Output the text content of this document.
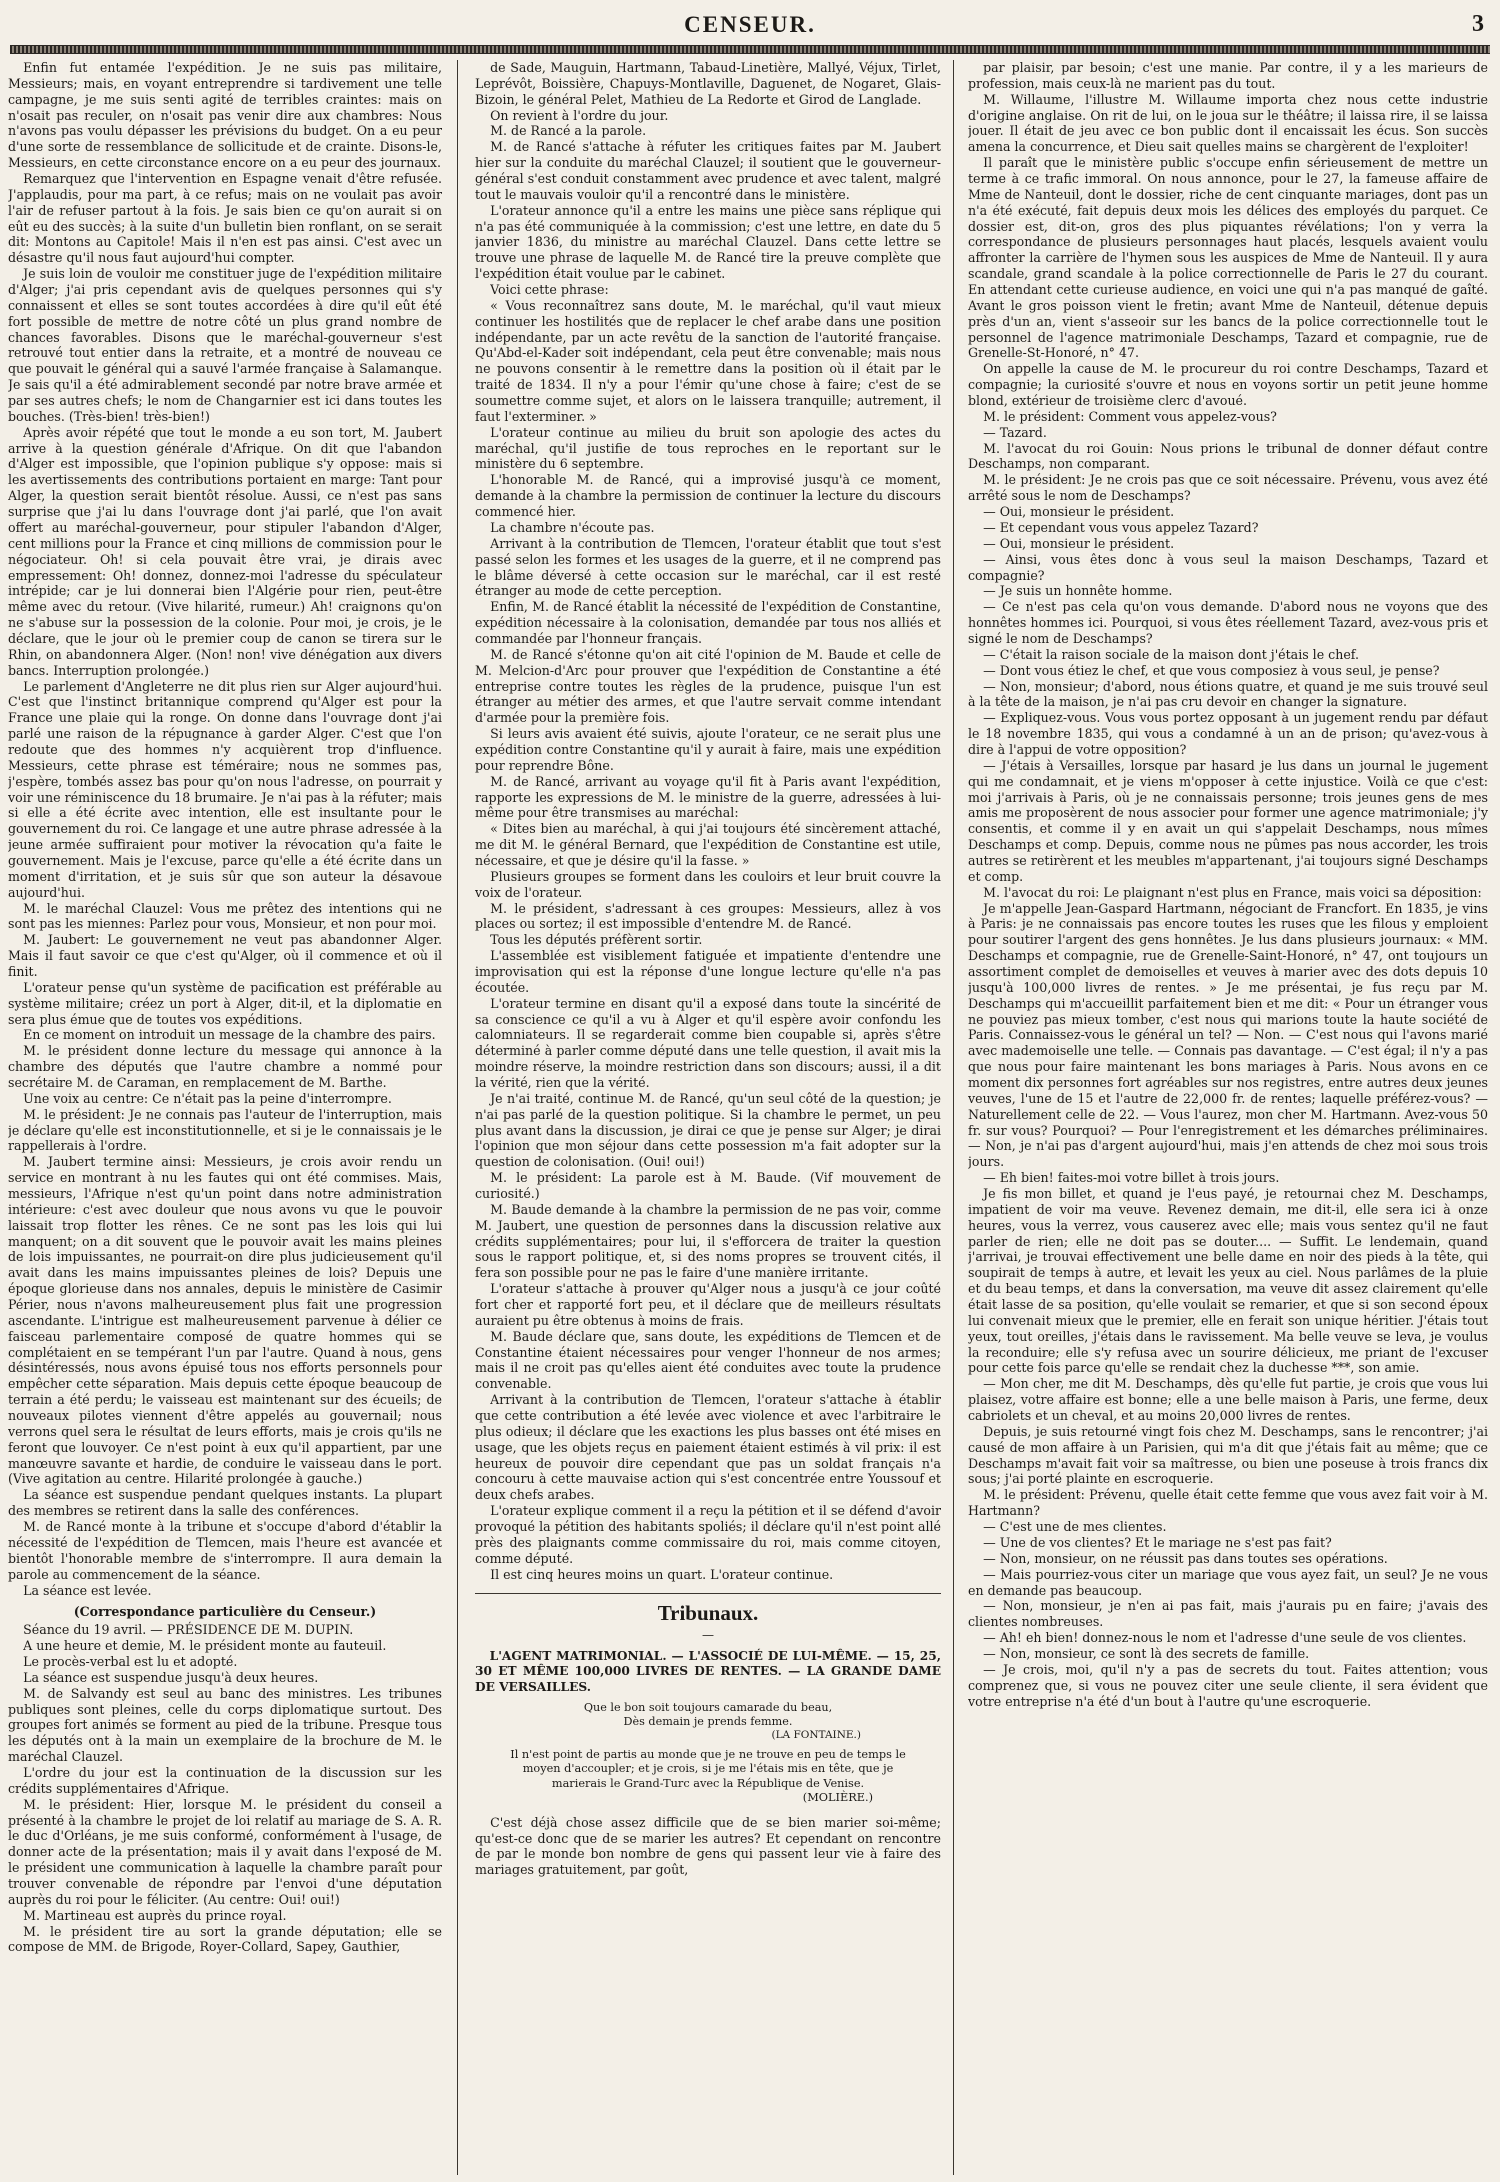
CENSEUR.	3

Enfin fut entamée l'expédition. Je ne suis pas militaire, Messieurs; mais, en voyant entreprendre si tardivement une telle campagne, je me suis senti agité de terribles craintes: mais on n'osait pas reculer, on n'osait pas venir dire aux chambres: Nous n'avons pas voulu dépasser les prévisions du budget. On a eu peur d'une sorte de ressemblance de sollicitude et de crainte. Disons-le, Messieurs, en cette circonstance encore on a eu peur des journaux.

Remarquez que l'intervention en Espagne venait d'être refusée. J'applaudis, pour ma part, à ce refus; mais on ne voulait pas avoir l'air de refuser partout à la fois. Je sais bien ce qu'on aurait si on eût eu des succès; à la suite d'un bulletin bien ronflant, on se serait dit: Montons au Capitole! Mais il n'en est pas ainsi. C'est avec un désastre qu'il nous faut aujourd'hui compter.

Je suis loin de vouloir me constituer juge de l'expédition militaire d'Alger; j'ai pris cependant avis de quelques personnes qui s'y connaissent et elles se sont toutes accordées à dire qu'il eût été fort possible de mettre de notre côté un plus grand nombre de chances favorables. Disons que le maréchal-gouverneur s'est retrouvé tout entier dans la retraite, et a montré de nouveau ce que pouvait le général qui a sauvé l'armée française à Salamanque. Je sais qu'il a été admirablement secondé par notre brave armée et par ses autres chefs; le nom de Changarnier est ici dans toutes les bouches. (Très-bien! très-bien!)

Après avoir répété que tout le monde a eu son tort, M. Jaubert arrive à la question générale d'Afrique. On dit que l'abandon d'Alger est impossible, que l'opinion publique s'y oppose: mais si les avertissements des contributions portaient en marge: Tant pour Alger, la question serait bientôt résolue. Aussi, ce n'est pas sans surprise que j'ai lu dans l'ouvrage dont j'ai parlé, que l'on avait offert au maréchal-gouverneur, pour stipuler l'abandon d'Alger, cent millions pour la France et cinq millions de commission pour le négociateur. Oh! si cela pouvait être vrai, je dirais avec empressement: Oh! donnez, donnez-moi l'adresse du spéculateur intrépide; car je lui donnerai bien l'Algérie pour rien, peut-être même avec du retour. (Vive hilarité, rumeur.) Ah! craignons qu'on ne s'abuse sur la possession de la colonie. Pour moi, je crois, je le déclare, que le jour où le premier coup de canon se tirera sur le Rhin, on abandonnera Alger. (Non! non! vive dénégation aux divers bancs. Interruption prolongée.)

Le parlement d'Angleterre ne dit plus rien sur Alger aujourd'hui. C'est que l'instinct britannique comprend qu'Alger est pour la France une plaie qui la ronge. On donne dans l'ouvrage dont j'ai parlé une raison de la répugnance à garder Alger. C'est que l'on redoute que des hommes n'y acquièrent trop d'influence. Messieurs, cette phrase est téméraire; nous ne sommes pas, j'espère, tombés assez bas pour qu'on nous l'adresse, on pourrait y voir une réminiscence du 18 brumaire. Je n'ai pas à la réfuter; mais si elle a été écrite avec intention, elle est insultante pour le gouvernement du roi. Ce langage et une autre phrase adressée à la jeune armée suffiraient pour motiver la révocation qu'a faite le gouvernement. Mais je l'excuse, parce qu'elle a été écrite dans un moment d'irritation, et je suis sûr que son auteur la désavoue aujourd'hui.

M. le maréchal Clauzel: Vous me prêtez des intentions qui ne sont pas les miennes: Parlez pour vous, Monsieur, et non pour moi.

M. Jaubert: Le gouvernement ne veut pas abandonner Alger. Mais il faut savoir ce que c'est qu'Alger, où il commence et où il finit.

L'orateur pense qu'un système de pacification est préférable au système militaire; créez un port à Alger, dit-il, et la diplomatie en sera plus émue que de toutes vos expéditions.

En ce moment on introduit un message de la chambre des pairs.

M. le président donne lecture du message qui annonce à la chambre des députés que l'autre chambre a nommé pour secrétaire M. de Caraman, en remplacement de M. Barthe.

Une voix au centre: Ce n'était pas la peine d'interrompre.

M. le président: Je ne connais pas l'auteur de l'interruption, mais je déclare qu'elle est inconstitutionnelle, et si je le connaissais je le rappellerais à l'ordre.

M. Jaubert termine ainsi: Messieurs, je crois avoir rendu un service en montrant à nu les fautes qui ont été commises. Mais, messieurs, l'Afrique n'est qu'un point dans notre administration intérieure: c'est avec douleur que nous avons vu que le pouvoir laissait trop flotter les rênes. Ce ne sont pas les lois qui lui manquent; on a dit souvent que le pouvoir avait les mains pleines de lois impuissantes, ne pourrait-on dire plus judicieusement qu'il avait dans les mains impuissantes pleines de lois? Depuis une époque glorieuse dans nos annales, depuis le ministère de Casimir Périer, nous n'avons malheureusement plus fait une progression ascendante. L'intrigue est malheureusement parvenue à délier ce faisceau parlementaire composé de quatre hommes qui se complétaient en se tempérant l'un par l'autre. Quand à nous, gens désintéressés, nous avons épuisé tous nos efforts personnels pour empêcher cette séparation. Mais depuis cette époque beaucoup de terrain a été perdu; le vaisseau est maintenant sur des écueils; de nouveaux pilotes viennent d'être appelés au gouvernail; nous verrons quel sera le résultat de leurs efforts, mais je crois qu'ils ne feront que louvoyer. Ce n'est point à eux qu'il appartient, par une manœuvre savante et hardie, de conduire le vaisseau dans le port. (Vive agitation au centre. Hilarité prolongée à gauche.)

La séance est suspendue pendant quelques instants. La plupart des membres se retirent dans la salle des conférences.

M. de Rancé monte à la tribune et s'occupe d'abord d'établir la nécessité de l'expédition de Tlemcen, mais l'heure est avancée et bientôt l'honorable membre de s'interrompre. Il aura demain la parole au commencement de la séance.

La séance est levée.

(Correspondance particulière du Censeur.)

Séance du 19 avril. — PRÉSIDENCE DE M. DUPIN.

A une heure et demie, M. le président monte au fauteuil.

Le procès-verbal est lu et adopté.

La séance est suspendue jusqu'à deux heures.

M. de Salvandy est seul au banc des ministres. Les tribunes publiques sont pleines, celle du corps diplomatique surtout. Des groupes fort animés se forment au pied de la tribune. Presque tous les députés ont à la main un exemplaire de la brochure de M. le maréchal Clauzel.

L'ordre du jour est la continuation de la discussion sur les crédits supplémentaires d'Afrique.

M. le président: Hier, lorsque M. le président du conseil a présenté à la chambre le projet de loi relatif au mariage de S. A. R. le duc d'Orléans, je me suis conformé, conformément à l'usage, de donner acte de la présentation; mais il y avait dans l'exposé de M. le président une communication à laquelle la chambre paraît pour trouver convenable de répondre par l'envoi d'une députation auprès du roi pour le féliciter. (Au centre: Oui! oui!)

M. Martineau est auprès du prince royal.

M. le président tire au sort la grande députation; elle se compose de MM. de Brigode, Royer-Collard, Sapey, Gauthier,

de Sade, Mauguin, Hartmann, Tabaud-Linetière, Mallyé, Véjux, Tirlet, Leprévôt, Boissière, Chapuys-Montlaville, Daguenet, de Nogaret, Glais-Bizoin, le général Pelet, Mathieu de La Redorte et Girod de Langlade.

On revient à l'ordre du jour.

M. de Rancé a la parole.

M. de Rancé s'attache à réfuter les critiques faites par M. Jaubert hier sur la conduite du maréchal Clauzel; il soutient que le gouverneur-général s'est conduit constamment avec prudence et avec talent, malgré tout le mauvais vouloir qu'il a rencontré dans le ministère.

L'orateur annonce qu'il a entre les mains une pièce sans réplique qui n'a pas été communiquée à la commission; c'est une lettre, en date du 5 janvier 1836, du ministre au maréchal Clauzel. Dans cette lettre se trouve une phrase de laquelle M. de Rancé tire la preuve complète que l'expédition était voulue par le cabinet.

Voici cette phrase:

« Vous reconnaîtrez sans doute, M. le maréchal, qu'il vaut mieux continuer les hostilités que de replacer le chef arabe dans une position indépendante, par un acte revêtu de la sanction de l'autorité française. Qu'Abd-el-Kader soit indépendant, cela peut être convenable; mais nous ne pouvons consentir à le remettre dans la position où il était par le traité de 1834. Il n'y a pour l'émir qu'une chose à faire; c'est de se soumettre comme sujet, et alors on le laissera tranquille; autrement, il faut l'exterminer. »

L'orateur continue au milieu du bruit son apologie des actes du maréchal, qu'il justifie de tous reproches en le reportant sur le ministère du 6 septembre.

L'honorable M. de Rancé, qui a improvisé jusqu'à ce moment, demande à la chambre la permission de continuer la lecture du discours commencé hier.

La chambre n'écoute pas.

Arrivant à la contribution de Tlemcen, l'orateur établit que tout s'est passé selon les formes et les usages de la guerre, et il ne comprend pas le blâme déversé à cette occasion sur le maréchal, car il est resté étranger au mode de cette perception.

Enfin, M. de Rancé établit la nécessité de l'expédition de Constantine, expédition nécessaire à la colonisation, demandée par tous nos alliés et commandée par l'honneur français.

M. de Rancé s'étonne qu'on ait cité l'opinion de M. Baude et celle de M. Melcion-d'Arc pour prouver que l'expédition de Constantine a été entreprise contre toutes les règles de la prudence, puisque l'un est étranger au métier des armes, et que l'autre servait comme intendant d'armée pour la première fois.

Si leurs avis avaient été suivis, ajoute l'orateur, ce ne serait plus une expédition contre Constantine qu'il y aurait à faire, mais une expédition pour reprendre Bône.

M. de Rancé, arrivant au voyage qu'il fit à Paris avant l'expédition, rapporte les expressions de M. le ministre de la guerre, adressées à lui-même pour être transmises au maréchal:

« Dites bien au maréchal, à qui j'ai toujours été sincèrement attaché, me dit M. le général Bernard, que l'expédition de Constantine est utile, nécessaire, et que je désire qu'il la fasse. »

Plusieurs groupes se forment dans les couloirs et leur bruit couvre la voix de l'orateur.

M. le président, s'adressant à ces groupes: Messieurs, allez à vos places ou sortez; il est impossible d'entendre M. de Rancé.

Tous les députés préfèrent sortir.

L'assemblée est visiblement fatiguée et impatiente d'entendre une improvisation qui est la réponse d'une longue lecture qu'elle n'a pas écoutée.

L'orateur termine en disant qu'il a exposé dans toute la sincérité de sa conscience ce qu'il a vu à Alger et qu'il espère avoir confondu les calomniateurs. Il se regarderait comme bien coupable si, après s'être déterminé à parler comme député dans une telle question, il avait mis la moindre réserve, la moindre restriction dans son discours; aussi, il a dit la vérité, rien que la vérité.

Je n'ai traité, continue M. de Rancé, qu'un seul côté de la question; je n'ai pas parlé de la question politique. Si la chambre le permet, un peu plus avant dans la discussion, je dirai ce que je pense sur Alger; je dirai l'opinion que mon séjour dans cette possession m'a fait adopter sur la question de colonisation. (Oui! oui!)

M. le président: La parole est à M. Baude. (Vif mouvement de curiosité.)

M. Baude demande à la chambre la permission de ne pas voir, comme M. Jaubert, une question de personnes dans la discussion relative aux crédits supplémentaires; pour lui, il s'efforcera de traiter la question sous le rapport politique, et, si des noms propres se trouvent cités, il fera son possible pour ne pas le faire d'une manière irritante.

L'orateur s'attache à prouver qu'Alger nous a jusqu'à ce jour coûté fort cher et rapporté fort peu, et il déclare que de meilleurs résultats auraient pu être obtenus à moins de frais.

M. Baude déclare que, sans doute, les expéditions de Tlemcen et de Constantine étaient nécessaires pour venger l'honneur de nos armes; mais il ne croit pas qu'elles aient été conduites avec toute la prudence convenable.

Arrivant à la contribution de Tlemcen, l'orateur s'attache à établir que cette contribution a été levée avec violence et avec l'arbitraire le plus odieux; il déclare que les exactions les plus basses ont été mises en usage, que les objets reçus en paiement étaient estimés à vil prix: il est heureux de pouvoir dire cependant que pas un soldat français n'a concouru à cette mauvaise action qui s'est concentrée entre Youssouf et deux chefs arabes.

L'orateur explique comment il a reçu la pétition et il se défend d'avoir provoqué la pétition des habitants spoliés; il déclare qu'il n'est point allé près des plaignants comme commissaire du roi, mais comme citoyen, comme député.

Il est cinq heures moins un quart. L'orateur continue.

Tribunaux.
—

L'AGENT MATRIMONIAL. — L'ASSOCIÉ DE LUI-MÊME. — 15, 25, 30 ET MÊME 100,000 LIVRES DE RENTES. — LA GRANDE DAME DE VERSAILLES.

Que le bon soit toujours camarade du beau,
Dès demain je prends femme.
(LA FONTAINE.)
Il n'est point de partis au monde que je ne trouve en peu de temps le moyen d'accoupler; et je crois, si je me l'étais mis en tête, que je marierais le Grand-Turc avec la République de Venise.
(MOLIÈRE.)

C'est déjà chose assez difficile que de se bien marier soi-même; qu'est-ce donc que de se marier les autres? Et cependant on rencontre de par le monde bon nombre de gens qui passent leur vie à faire des mariages gratuitement, par goût,

par plaisir, par besoin; c'est une manie. Par contre, il y a les marieurs de profession, mais ceux-là ne marient pas du tout.

M. Willaume, l'illustre M. Willaume importa chez nous cette industrie d'origine anglaise. On rit de lui, on le joua sur le théâtre; il laissa rire, il se laissa jouer. Il était de jeu avec ce bon public dont il encaissait les écus. Son succès amena la concurrence, et Dieu sait quelles mains se chargèrent de l'exploiter!

Il paraît que le ministère public s'occupe enfin sérieusement de mettre un terme à ce trafic immoral. On nous annonce, pour le 27, la fameuse affaire de Mme de Nanteuil, dont le dossier, riche de cent cinquante mariages, dont pas un n'a été exécuté, fait depuis deux mois les délices des employés du parquet. Ce dossier est, dit-on, gros des plus piquantes révélations; l'on y verra la correspondance de plusieurs personnages haut placés, lesquels avaient voulu affronter la carrière de l'hymen sous les auspices de Mme de Nanteuil. Il y aura scandale, grand scandale à la police correctionnelle de Paris le 27 du courant. En attendant cette curieuse audience, en voici une qui n'a pas manqué de gaîté. Avant le gros poisson vient le fretin; avant Mme de Nanteuil, détenue depuis près d'un an, vient s'asseoir sur les bancs de la police correctionnelle tout le personnel de l'agence matrimoniale Deschamps, Tazard et compagnie, rue de Grenelle-St-Honoré, n° 47.

On appelle la cause de M. le procureur du roi contre Deschamps, Tazard et compagnie; la curiosité s'ouvre et nous en voyons sortir un petit jeune homme blond, extérieur de troisième clerc d'avoué.

M. le président: Comment vous appelez-vous?

— Tazard.

M. l'avocat du roi Gouin: Nous prions le tribunal de donner défaut contre Deschamps, non comparant.

M. le président: Je ne crois pas que ce soit nécessaire. Prévenu, vous avez été arrêté sous le nom de Deschamps?

— Oui, monsieur le président.

— Et cependant vous vous appelez Tazard?

— Oui, monsieur le président.

— Ainsi, vous êtes donc à vous seul la maison Deschamps, Tazard et compagnie?

— Je suis un honnête homme.

— Ce n'est pas cela qu'on vous demande. D'abord nous ne voyons que des honnêtes hommes ici. Pourquoi, si vous êtes réellement Tazard, avez-vous pris et signé le nom de Deschamps?

— C'était la raison sociale de la maison dont j'étais le chef.

— Dont vous étiez le chef, et que vous composiez à vous seul, je pense?

— Non, monsieur; d'abord, nous étions quatre, et quand je me suis trouvé seul à la tête de la maison, je n'ai pas cru devoir en changer la signature.

— Expliquez-vous. Vous vous portez opposant à un jugement rendu par défaut le 18 novembre 1835, qui vous a condamné à un an de prison; qu'avez-vous à dire à l'appui de votre opposition?

— J'étais à Versailles, lorsque par hasard je lus dans un journal le jugement qui me condamnait, et je viens m'opposer à cette injustice. Voilà ce que c'est: moi j'arrivais à Paris, où je ne connaissais personne; trois jeunes gens de mes amis me proposèrent de nous associer pour former une agence matrimoniale; j'y consentis, et comme il y en avait un qui s'appelait Deschamps, nous mîmes Deschamps et comp. Depuis, comme nous ne pûmes pas nous accorder, les trois autres se retirèrent et les meubles m'appartenant, j'ai toujours signé Deschamps et comp.

M. l'avocat du roi: Le plaignant n'est plus en France, mais voici sa déposition:

Je m'appelle Jean-Gaspard Hartmann, négociant de Francfort. En 1835, je vins à Paris: je ne connaissais pas encore toutes les ruses que les filous y emploient pour soutirer l'argent des gens honnêtes. Je lus dans plusieurs journaux: « MM. Deschamps et compagnie, rue de Grenelle-Saint-Honoré, n° 47, ont toujours un assortiment complet de demoiselles et veuves à marier avec des dots depuis 10 jusqu'à 100,000 livres de rentes. » Je me présentai, je fus reçu par M. Deschamps qui m'accueillit parfaitement bien et me dit: « Pour un étranger vous ne pouviez pas mieux tomber, c'est nous qui marions toute la haute société de Paris. Connaissez-vous le général un tel? — Non. — C'est nous qui l'avons marié avec mademoiselle une telle. — Connais pas davantage. — C'est égal; il n'y a pas que nous pour faire maintenant les bons mariages à Paris. Nous avons en ce moment dix personnes fort agréables sur nos registres, entre autres deux jeunes veuves, l'une de 15 et l'autre de 22,000 fr. de rentes; laquelle préférez-vous? — Naturellement celle de 22. — Vous l'aurez, mon cher M. Hartmann. Avez-vous 50 fr. sur vous? Pourquoi? — Pour l'enregistrement et les démarches préliminaires. — Non, je n'ai pas d'argent aujourd'hui, mais j'en attends de chez moi sous trois jours.

— Eh bien! faites-moi votre billet à trois jours.

Je fis mon billet, et quand je l'eus payé, je retournai chez M. Deschamps, impatient de voir ma veuve. Revenez demain, me dit-il, elle sera ici à onze heures, vous la verrez, vous causerez avec elle; mais vous sentez qu'il ne faut parler de rien; elle ne doit pas se douter.... — Suffit. Le lendemain, quand j'arrivai, je trouvai effectivement une belle dame en noir des pieds à la tête, qui soupirait de temps à autre, et levait les yeux au ciel. Nous parlâmes de la pluie et du beau temps, et dans la conversation, ma veuve dit assez clairement qu'elle était lasse de sa position, qu'elle voulait se remarier, et que si son second époux lui convenait mieux que le premier, elle en ferait son unique héritier. J'étais tout yeux, tout oreilles, j'étais dans le ravissement. Ma belle veuve se leva, je voulus la reconduire; elle s'y refusa avec un sourire délicieux, me priant de l'excuser pour cette fois parce qu'elle se rendait chez la duchesse ***, son amie.

— Mon cher, me dit M. Deschamps, dès qu'elle fut partie, je crois que vous lui plaisez, votre affaire est bonne; elle a une belle maison à Paris, une ferme, deux cabriolets et un cheval, et au moins 20,000 livres de rentes.

Depuis, je suis retourné vingt fois chez M. Deschamps, sans le rencontrer; j'ai causé de mon affaire à un Parisien, qui m'a dit que j'étais fait au même; que ce Deschamps m'avait fait voir sa maîtresse, ou bien une poseuse à trois francs dix sous; j'ai porté plainte en escroquerie.

M. le président: Prévenu, quelle était cette femme que vous avez fait voir à M. Hartmann?

— C'est une de mes clientes.

— Une de vos clientes? Et le mariage ne s'est pas fait?

— Non, monsieur, on ne réussit pas dans toutes ses opérations.

— Mais pourriez-vous citer un mariage que vous ayez fait, un seul? Je ne vous en demande pas beaucoup.

— Non, monsieur, je n'en ai pas fait, mais j'aurais pu en faire; j'avais des clientes nombreuses.

— Ah! eh bien! donnez-nous le nom et l'adresse d'une seule de vos clientes.

— Non, monsieur, ce sont là des secrets de famille.

— Je crois, moi, qu'il n'y a pas de secrets du tout. Faites attention; vous comprenez que, si vous ne pouvez citer une seule cliente, il sera évident que votre entreprise n'a été d'un bout à l'autre qu'une escroquerie.
